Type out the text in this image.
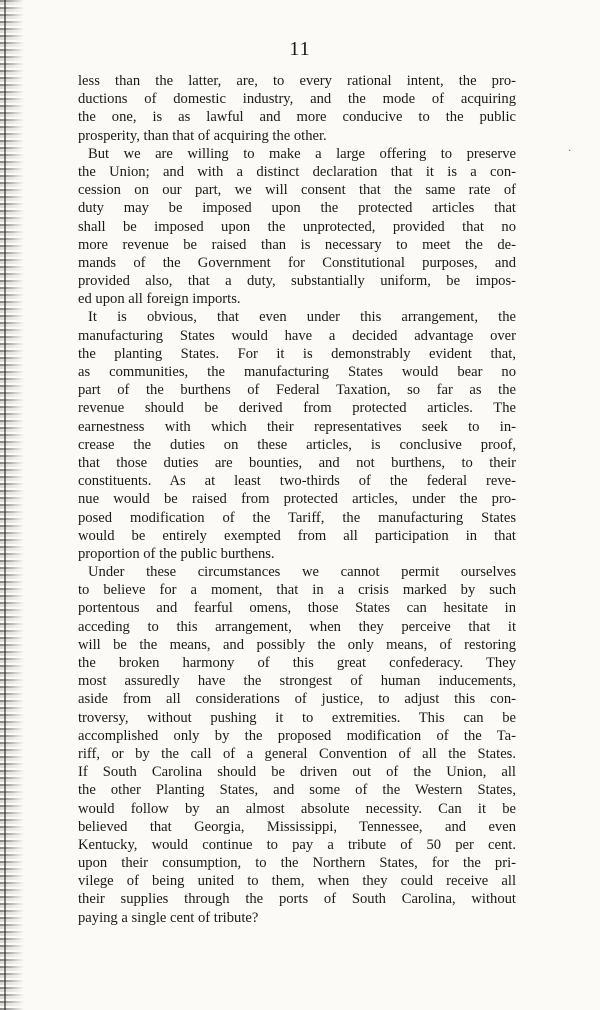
11
less than the latter, are, to every rational intent, the pro-
ductions of domestic industry, and the mode of acquiring
the one, is as lawful and more conducive to the public
prosperity, than that of acquiring the other.
But we are willing to make a large offering to preserve
the Union; and with a distinct declaration that it is a con-
cession on our part, we will consent that the same rate of
duty may be imposed upon the protected articles that
shall be imposed upon the unprotected, provided that no
more revenue be raised than is necessary to meet the de-
mands of the Government for Constitutional purposes, and
provided also, that a duty, substantially uniform, be impos-
ed upon all foreign imports.
It is obvious, that even under this arrangement, the
manufacturing States would have a decided advantage over
the planting States. For it is demonstrably evident that,
as communities, the manufacturing States would bear no
part of the burthens of Federal Taxation, so far as the
revenue should be derived from protected articles. The
earnestness with which their representatives seek to in-
crease the duties on these articles, is conclusive proof,
that those duties are bounties, and not burthens, to their
constituents. As at least two-thirds of the federal reve-
nue would be raised from protected articles, under the pro-
posed modification of the Tariff, the manufacturing States
would be entirely exempted from all participation in that
proportion of the public burthens.
Under these circumstances we cannot permit ourselves
to believe for a moment, that in a crisis marked by such
portentous and fearful omens, those States can hesitate in
acceding to this arrangement, when they perceive that it
will be the means, and possibly the only means, of restoring
the broken harmony of this great confederacy. They
most assuredly have the strongest of human inducements,
aside from all considerations of justice, to adjust this con-
troversy, without pushing it to extremities. This can be
accomplished only by the proposed modification of the Ta-
riff, or by the call of a general Convention of all the States.
If South Carolina should be driven out of the Union, all
the other Planting States, and some of the Western States,
would follow by an almost absolute necessity. Can it be
believed that Georgia, Mississippi, Tennessee, and even
Kentucky, would continue to pay a tribute of 50 per cent.
upon their consumption, to the Northern States, for the pri-
vilege of being united to them, when they could receive all
their supplies through the ports of South Carolina, without
paying a single cent of tribute?
·
